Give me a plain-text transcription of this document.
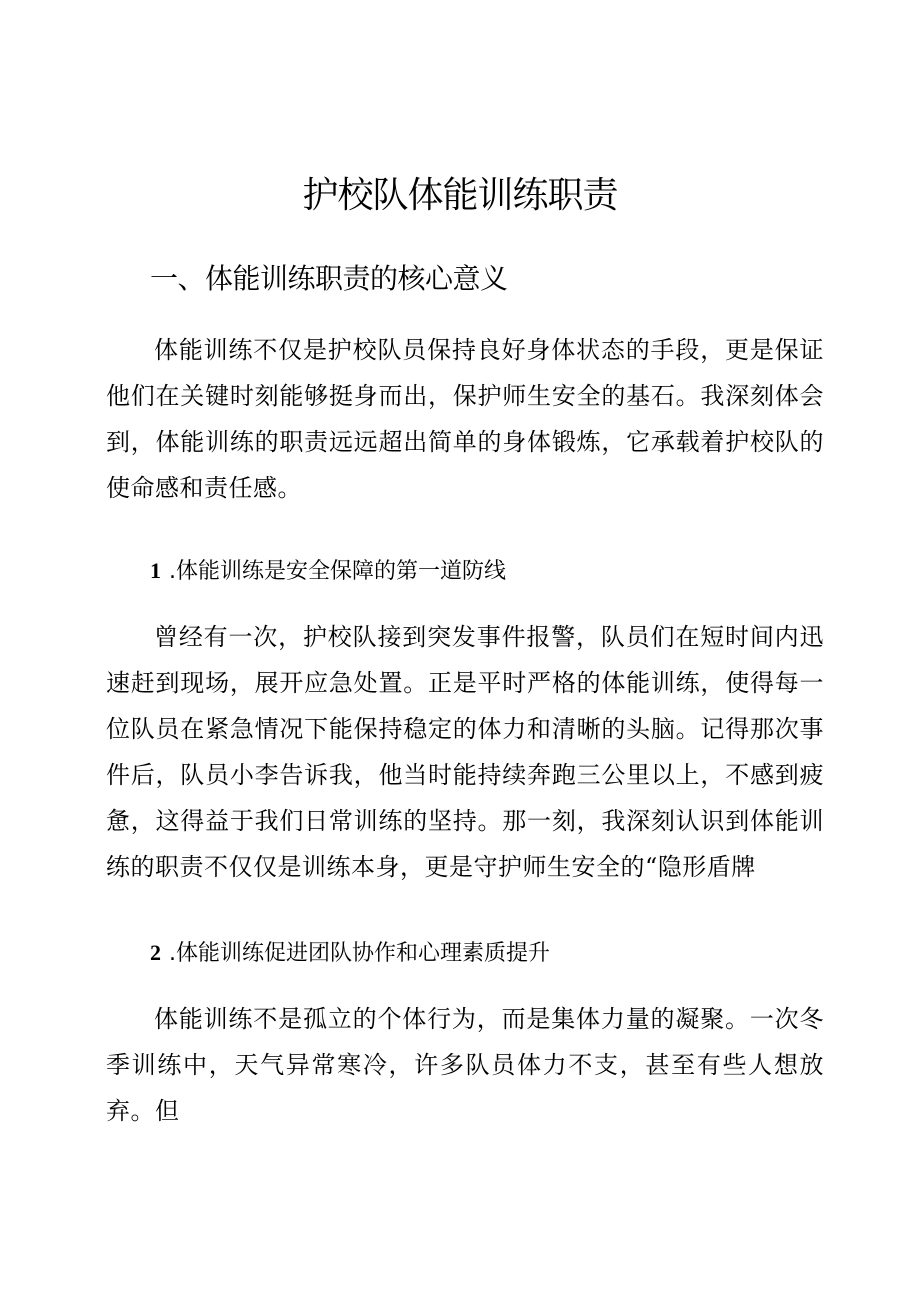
护校队体能训练职责
一、体能训练职责的核心意义

体能训练不仅是护校队员保持良好身体状态的手段，更是保证他们在关键时刻能够挺身而出，保护师生安全的基石。我深刻体会到，体能训练的职责远远超出简单的身体锻炼，它承载着护校队的使命感和责任感。

1 .体能训练是安全保障的第一道防线

曾经有一次，护校队接到突发事件报警，队员们在短时间内迅速赶到现场，展开应急处置。正是平时严格的体能训练，使得每一位队员在紧急情况下能保持稳定的体力和清晰的头脑。记得那次事件后，队员小李告诉我，他当时能持续奔跑三公里以上，不感到疲惫，这得益于我们日常训练的坚持。那一刻，我深刻认识到体能训练的职责不仅仅是训练本身，更是守护师生安全的“隐形盾牌

2 .体能训练促进团队协作和心理素质提升

体能训练不是孤立的个体行为，而是集体力量的凝聚。一次冬季训练中，天气异常寒冷，许多队员体力不支，甚至有些人想放弃。但
